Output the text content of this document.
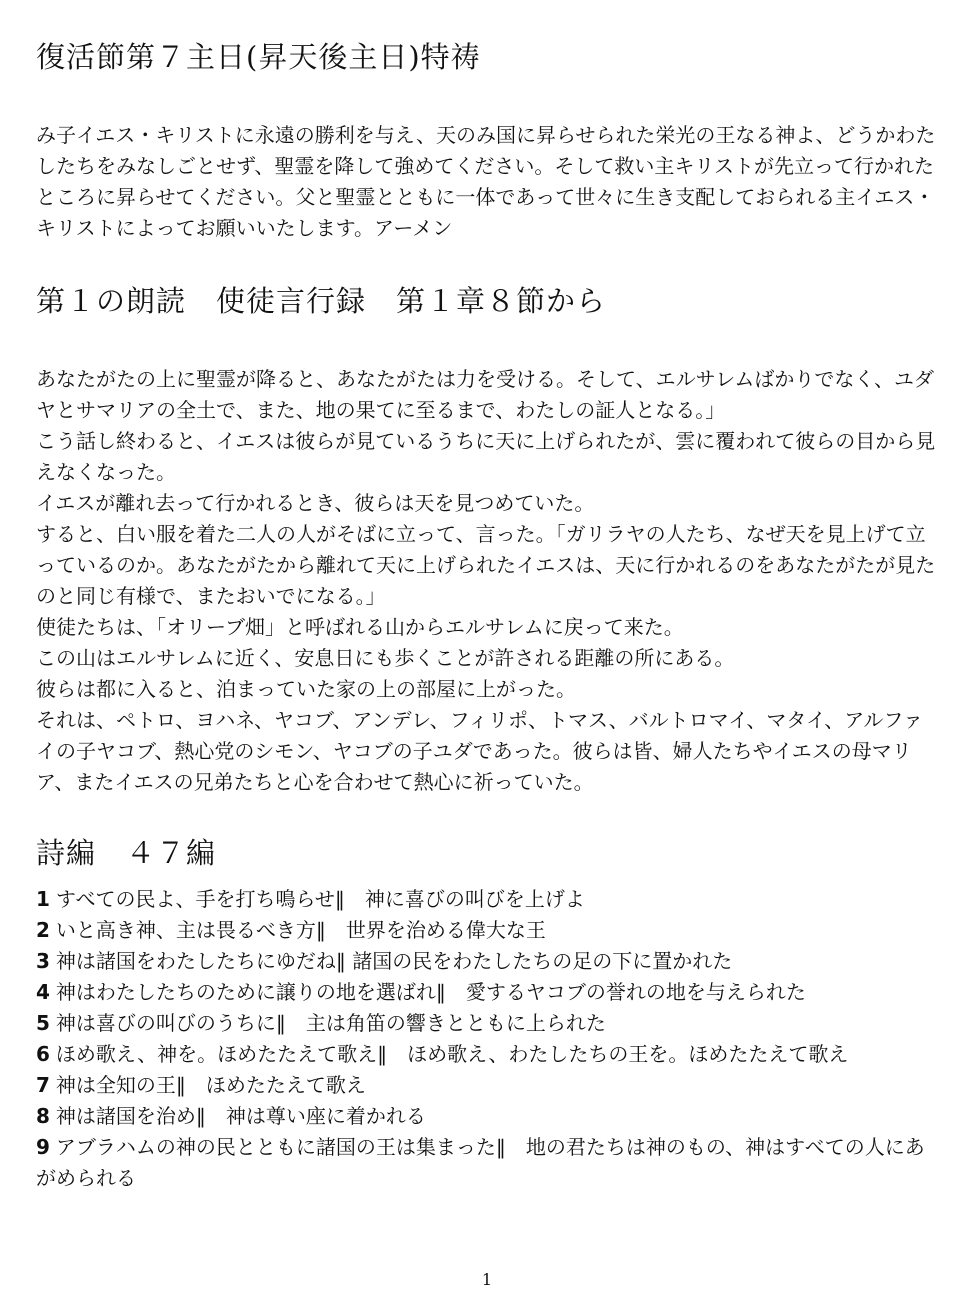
復活節第７主日(昇天後主日)特祷

み子イエス・キリストに永遠の勝利を与え、天のみ国に昇らせられた栄光の王なる神よ、どうかわたしたちをみなしごとせず、聖霊を降して強めてください。そして救い主キリストが先立って行かれたところに昇らせてください。父と聖霊とともに一体であって世々に生き支配しておられる主イエス・キリストによってお願いいたします。アーメン

第１の朗読　使徒言行録　第１章８節から

あなたがたの上に聖霊が降ると、あなたがたは力を受ける。そして、エルサレムばかりでなく、ユダヤとサマリアの全土で、また、地の果てに至るまで、わたしの証人となる。」

こう話し終わると、イエスは彼らが見ているうちに天に上げられたが、雲に覆われて彼らの目から見えなくなった。

イエスが離れ去って行かれるとき、彼らは天を見つめていた。

すると、白い服を着た二人の人がそばに立って、言った。「ガリラヤの人たち、なぜ天を見上げて立っているのか。あなたがたから離れて天に上げられたイエスは、天に行かれるのをあなたがたが見たのと同じ有様で、またおいでになる。」

使徒たちは、「オリーブ畑」と呼ばれる山からエルサレムに戻って来た。

この山はエルサレムに近く、安息日にも歩くことが許される距離の所にある。

彼らは都に入ると、泊まっていた家の上の部屋に上がった。

それは、ペトロ、ヨハネ、ヤコブ、アンデレ、フィリポ、トマス、バルトロマイ、マタイ、アルファイの子ヤコブ、熱心党のシモン、ヤコブの子ユダであった。彼らは皆、婦人たちやイエスの母マリア、またイエスの兄弟たちと心を合わせて熱心に祈っていた。

詩編　４７編

1 すべての民よ、手を打ち鳴らせ‖　神に喜びの叫びを上げよ

2 いと高き神、主は畏るべき方‖　世界を治める偉大な王

3 神は諸国をわたしたちにゆだね‖ 諸国の民をわたしたちの足の下に置かれた

4 神はわたしたちのために譲りの地を選ばれ‖　愛するヤコブの誉れの地を与えられた

5 神は喜びの叫びのうちに‖　主は角笛の響きとともに上られた

6 ほめ歌え、神を。ほめたたえて歌え‖　ほめ歌え、わたしたちの王を。ほめたたえて歌え

7 神は全知の王‖　ほめたたえて歌え

8 神は諸国を治め‖　神は尊い座に着かれる

9 アブラハムの神の民とともに諸国の王は集まった‖　地の君たちは神のもの、神はすべての人にあがめられる

1
